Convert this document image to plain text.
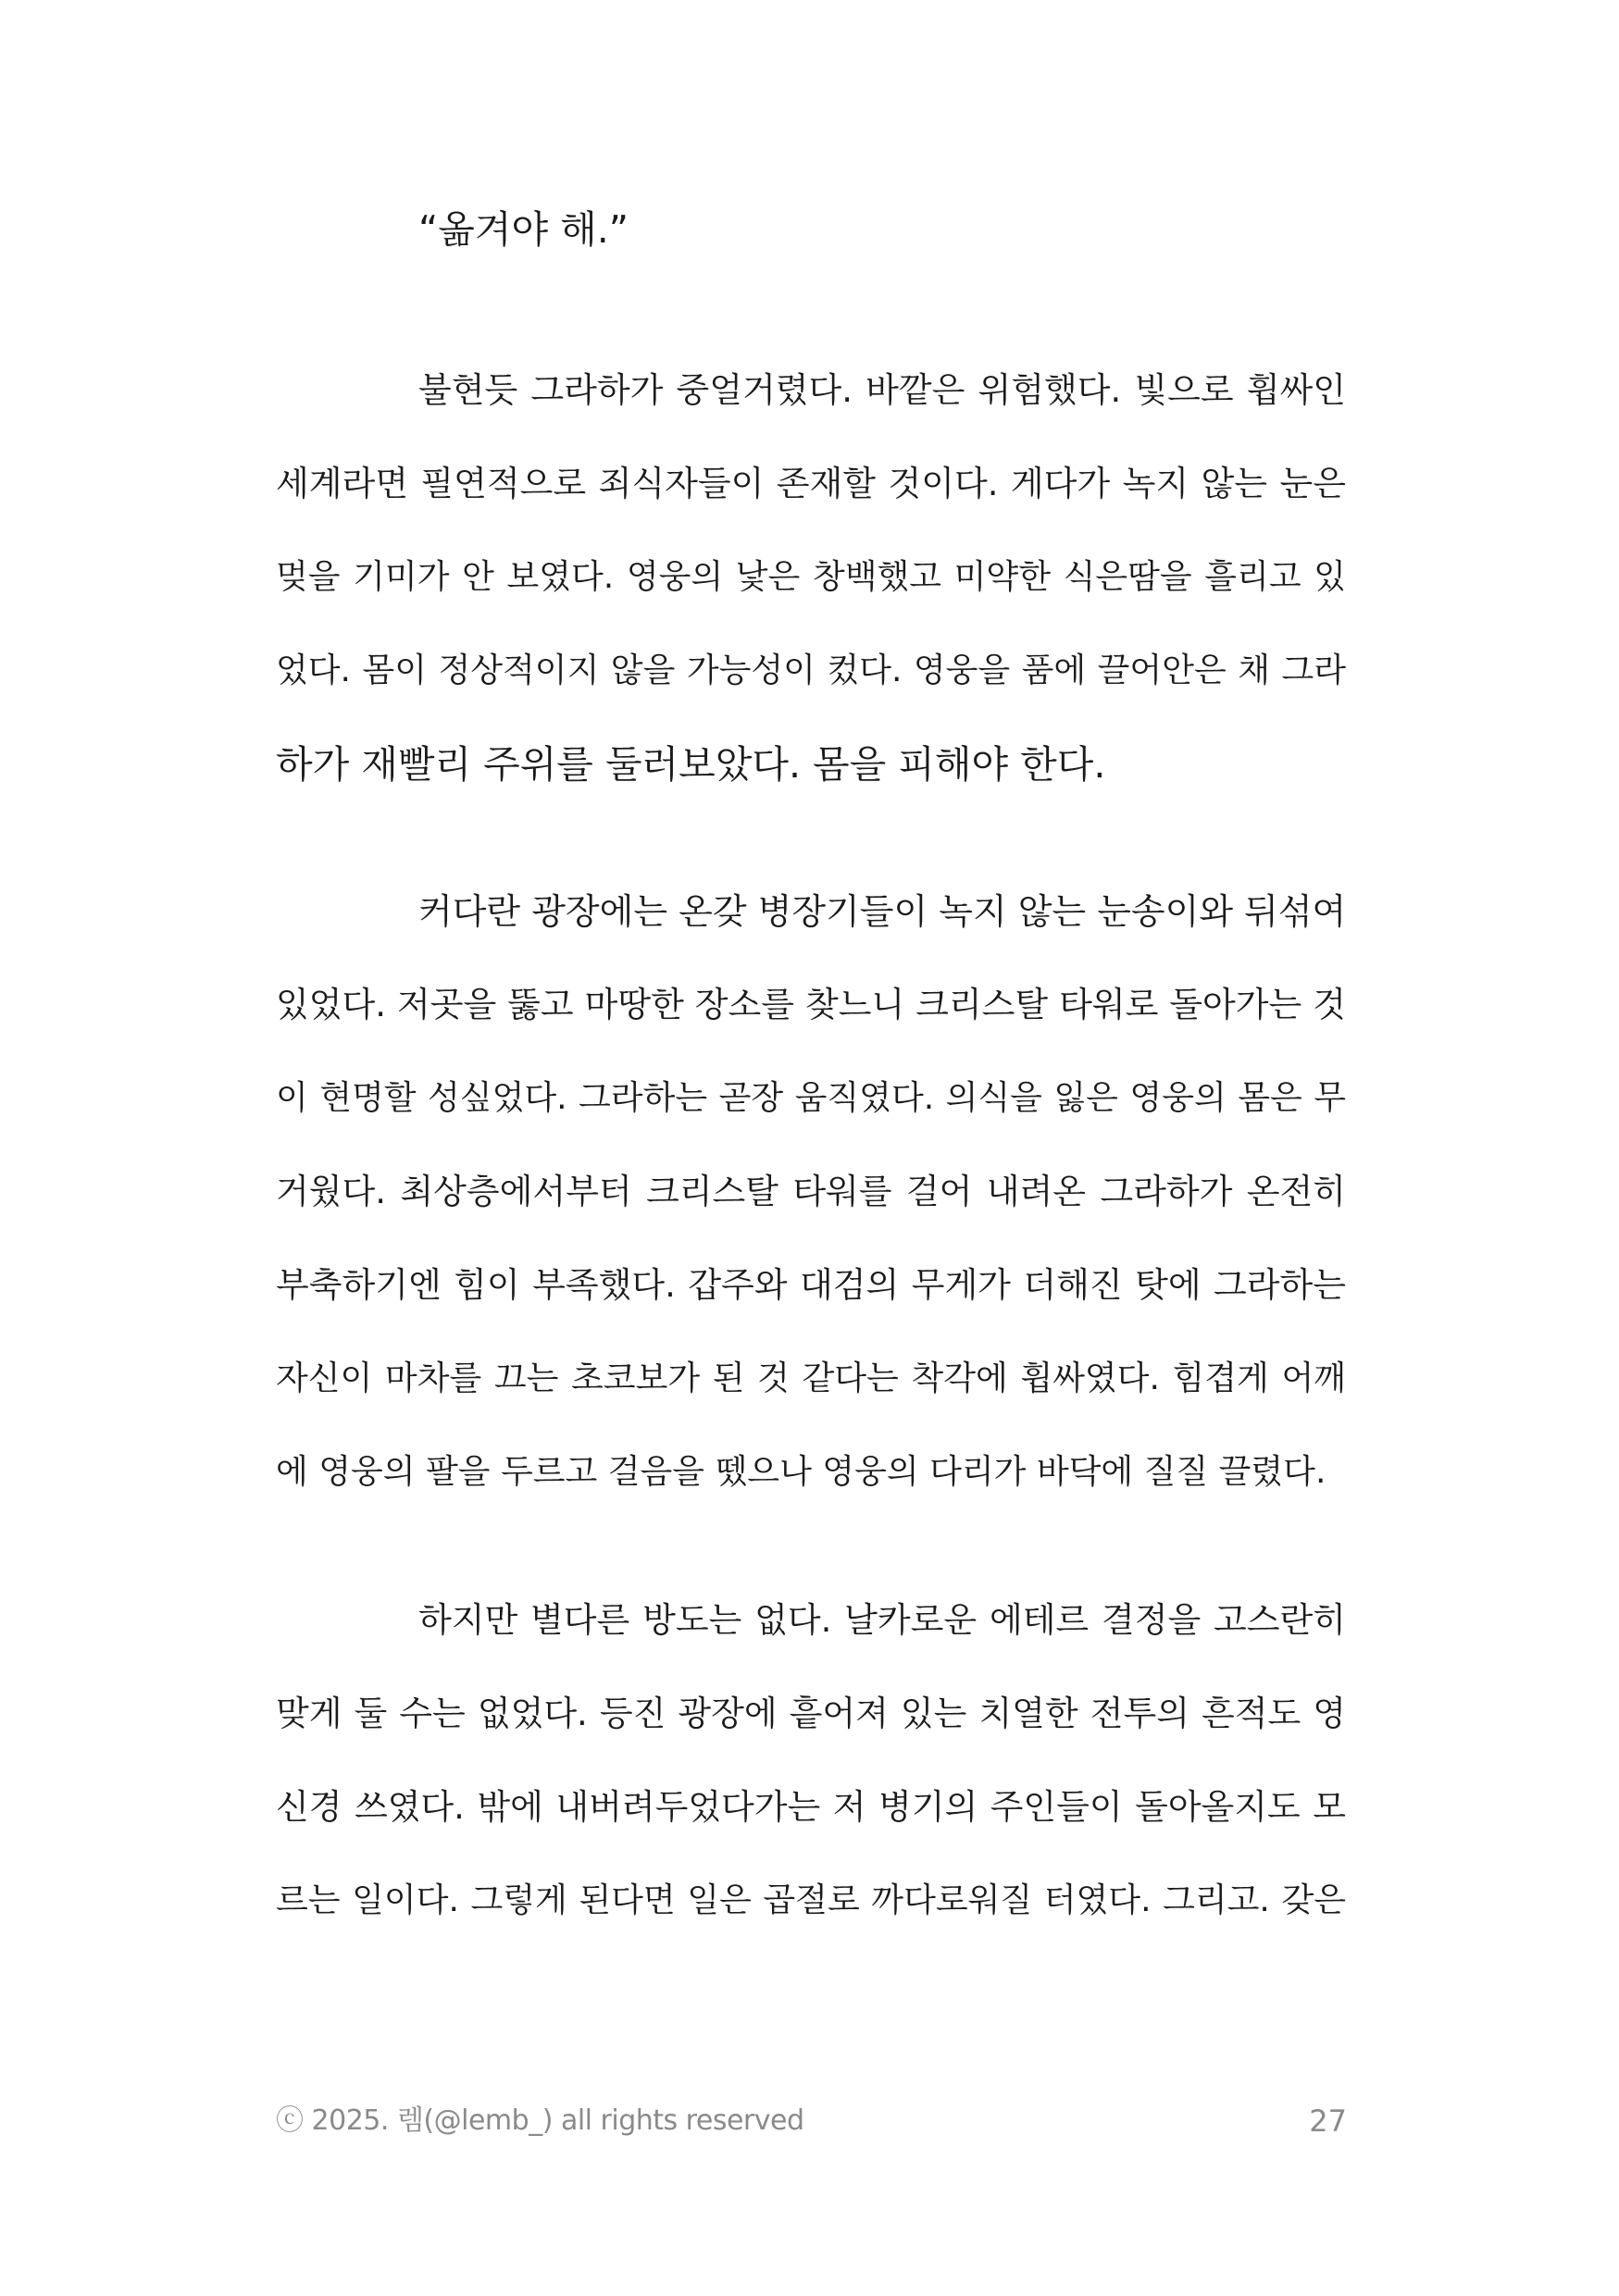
“옮겨야 해.”
불현듯 그라하가 중얼거렸다. 바깥은 위험했다. 빛으로 휩싸인
세계라면 필연적으로 죄식자들이 존재할 것이다. 게다가 녹지 않는 눈은
멎을 기미가 안 보였다. 영웅의 낯은 창백했고 미약한 식은땀을 흘리고 있
었다. 몸이 정상적이지 않을 가능성이 컸다. 영웅을 품에 끌어안은 채 그라
하가 재빨리 주위를 둘러보았다. 몸을 피해야 한다.
커다란 광장에는 온갖 병장기들이 녹지 않는 눈송이와 뒤섞여
있었다. 저곳을 뚫고 마땅한 장소를 찾느니 크리스탈 타워로 돌아가는 것
이 현명할 성싶었다. 그라하는 곧장 움직였다. 의식을 잃은 영웅의 몸은 무
거웠다. 최상층에서부터 크리스탈 타워를 걸어 내려온 그라하가 온전히
부축하기엔 힘이 부족했다. 갑주와 대검의 무게가 더해진 탓에 그라하는
자신이 마차를 끄는 초코보가 된 것 같다는 착각에 휩싸였다. 힘겹게 어깨
에 영웅의 팔을 두르고 걸음을 뗐으나 영웅의 다리가 바닥에 질질 끌렸다.
하지만 별다른 방도는 없다. 날카로운 에테르 결정을 고스란히
맞게 둘 수는 없었다. 등진 광장에 흩어져 있는 치열한 전투의 흔적도 영
신경 쓰였다. 밖에 내버려두었다가는 저 병기의 주인들이 돌아올지도 모
르는 일이다. 그렇게 된다면 일은 곱절로 까다로워질 터였다. 그리고. 갖은
ⓒ 2025. 렘(@lemb_) all rights reserved	27
